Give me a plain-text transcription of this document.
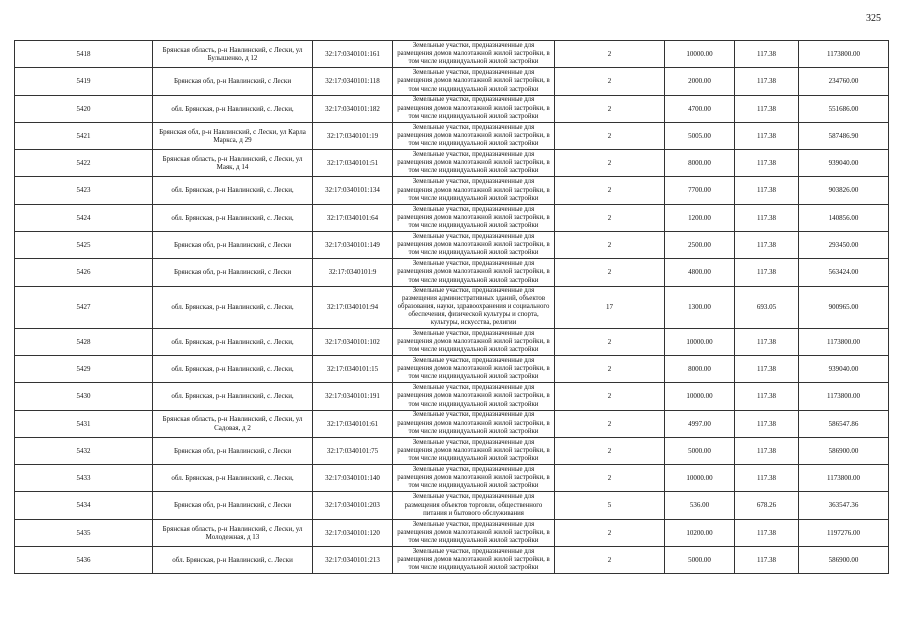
325
5418	Брянская область, р-н Навлинский, с Лески, ул Булышенко, д 12	32:17:0340101:161	Земельные участки, предназначенные для размещения домов малоэтажной жилой застройки, в том числе индивидуальной жилой застройки	2	10000.00	117.38	1173800.00
5419	Брянская обл, р-н Навлинский, с Лески	32:17:0340101:118	Земельные участки, предназначенные для размещения домов малоэтажной жилой застройки, в том числе индивидуальной жилой застройки	2	2000.00	117.38	234760.00
5420	обл. Брянская, р-н Навлинский, с. Лески,	32:17:0340101:182	Земельные участки, предназначенные для размещения домов малоэтажной жилой застройки, в том числе индивидуальной жилой застройки	2	4700.00	117.38	551686.00
5421	Брянская обл, р-н Навлинский, с Лески, ул Карла Маркса, д 29	32:17:0340101:19	Земельные участки, предназначенные для размещения домов малоэтажной жилой застройки, в том числе индивидуальной жилой застройки	2	5005.00	117.38	587486.90
5422	Брянская область, р-н Навлинский, с Лески, ул Маяк, д 14	32:17:0340101:51	Земельные участки, предназначенные для размещения домов малоэтажной жилой застройки, в том числе индивидуальной жилой застройки	2	8000.00	117.38	939040.00
5423	обл. Брянская, р-н Навлинский, с. Лески,	32:17:0340101:134	Земельные участки, предназначенные для размещения домов малоэтажной жилой застройки, в том числе индивидуальной жилой застройки	2	7700.00	117.38	903826.00
5424	обл. Брянская, р-н Навлинский, с. Лески,	32:17:0340101:64	Земельные участки, предназначенные для размещения домов малоэтажной жилой застройки, в том числе индивидуальной жилой застройки	2	1200.00	117.38	140856.00
5425	Брянская обл, р-н Навлинский, с Лески	32:17:0340101:149	Земельные участки, предназначенные для размещения домов малоэтажной жилой застройки, в том числе индивидуальной жилой застройки	2	2500.00	117.38	293450.00
5426	Брянская обл, р-н Навлинский, с Лески	32:17:0340101:9	Земельные участки, предназначенные для размещения домов малоэтажной жилой застройки, в том числе индивидуальной жилой застройки	2	4800.00	117.38	563424.00
5427	обл. Брянская, р-н Навлинский, с. Лески,	32:17:0340101:94	Земельные участки, предназначенные для размещения административных зданий, объектов образования, науки, здравоохранения и социального обеспечения, физической культуры и спорта, культуры, искусства, религии	17	1300.00	693.05	900965.00
5428	обл. Брянская, р-н Навлинский, с. Лески,	32:17:0340101:102	Земельные участки, предназначенные для размещения домов малоэтажной жилой застройки, в том числе индивидуальной жилой застройки	2	10000.00	117.38	1173800.00
5429	обл. Брянская, р-н Навлинский, с. Лески,	32:17:0340101:15	Земельные участки, предназначенные для размещения домов малоэтажной жилой застройки, в том числе индивидуальной жилой застройки	2	8000.00	117.38	939040.00
5430	обл. Брянская, р-н Навлинский, с. Лески,	32:17:0340101:191	Земельные участки, предназначенные для размещения домов малоэтажной жилой застройки, в том числе индивидуальной жилой застройки	2	10000.00	117.38	1173800.00
5431	Брянская область, р-н Навлинский, с Лески, ул Садовая, д 2	32:17:0340101:61	Земельные участки, предназначенные для размещения домов малоэтажной жилой застройки, в том числе индивидуальной жилой застройки	2	4997.00	117.38	586547.86
5432	Брянская обл, р-н Навлинский, с Лески	32:17:0340101:75	Земельные участки, предназначенные для размещения домов малоэтажной жилой застройки, в том числе индивидуальной жилой застройки	2	5000.00	117.38	586900.00
5433	обл. Брянская, р-н Навлинский, с. Лески,	32:17:0340101:140	Земельные участки, предназначенные для размещения домов малоэтажной жилой застройки, в том числе индивидуальной жилой застройки	2	10000.00	117.38	1173800.00
5434	Брянская обл, р-н Навлинский, с Лески	32:17:0340101:203	Земельные участки, предназначенные для размещения объектов торговли, общественного питания и бытового обслуживания	5	536.00	678.26	363547.36
5435	Брянская область, р-н Навлинский, с Лески, ул Молодежная, д 13	32:17:0340101:120	Земельные участки, предназначенные для размещения домов малоэтажной жилой застройки, в том числе индивидуальной жилой застройки	2	10200.00	117.38	1197276.00
5436	обл. Брянская, р-н Навлинский, с. Лески	32:17:0340101:213	Земельные участки, предназначенные для размещения домов малоэтажной жилой застройки, в том числе индивидуальной жилой застройки	2	5000.00	117.38	586900.00
